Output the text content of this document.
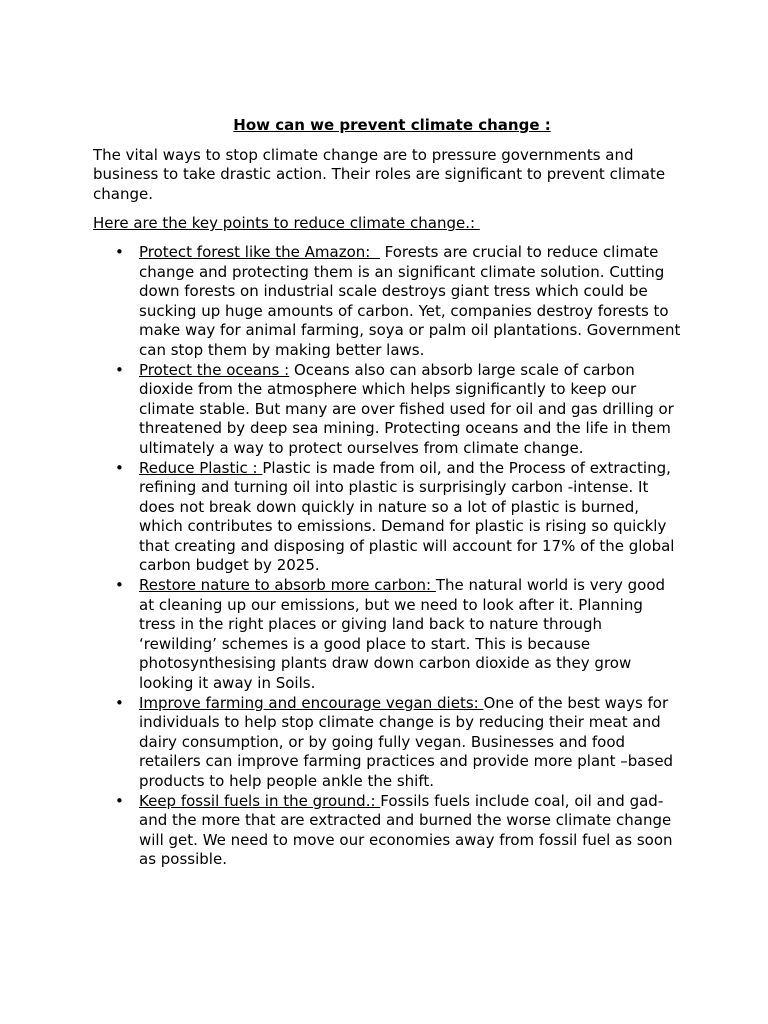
How can we prevent climate change :

The vital ways to stop climate change are to pressure governments and business to take drastic action. Their roles are significant to prevent climate change.

Here are the key points to reduce climate change.:

• Protect forest like the Amazon:   Forests are crucial to reduce climate change and protecting them is an significant climate solution. Cutting down forests on industrial scale destroys giant tress which could be sucking up huge amounts of carbon. Yet, companies destroy forests to make way for animal farming, soya or palm oil plantations. Government can stop them by making better laws.
• Protect the oceans : Oceans also can absorb large scale of carbon dioxide from the atmosphere which helps significantly to keep our climate stable. But many are over fished used for oil and gas drilling or threatened by deep sea mining. Protecting oceans and the life in them ultimately a way to protect ourselves from climate change.
• Reduce Plastic : Plastic is made from oil, and the Process of extracting, refining and turning oil into plastic is surprisingly carbon -intense. It does not break down quickly in nature so a lot of plastic is burned, which contributes to emissions. Demand for plastic is rising so quickly that creating and disposing of plastic will account for 17% of the global carbon budget by 2025.
• Restore nature to absorb more carbon: The natural world is very good at cleaning up our emissions, but we need to look after it. Planning tress in the right places or giving land back to nature through ‘rewilding’ schemes is a good place to start. This is because photosynthesising plants draw down carbon dioxide as they grow looking it away in Soils.
• Improve farming and encourage vegan diets: One of the best ways for individuals to help stop climate change is by reducing their meat and dairy consumption, or by going fully vegan. Businesses and food retailers can improve farming practices and provide more plant –based products to help people ankle the shift.
• Keep fossil fuels in the ground.: Fossils fuels include coal, oil and gad-and the more that are extracted and burned the worse climate change will get. We need to move our economies away from fossil fuel as soon as possible.
